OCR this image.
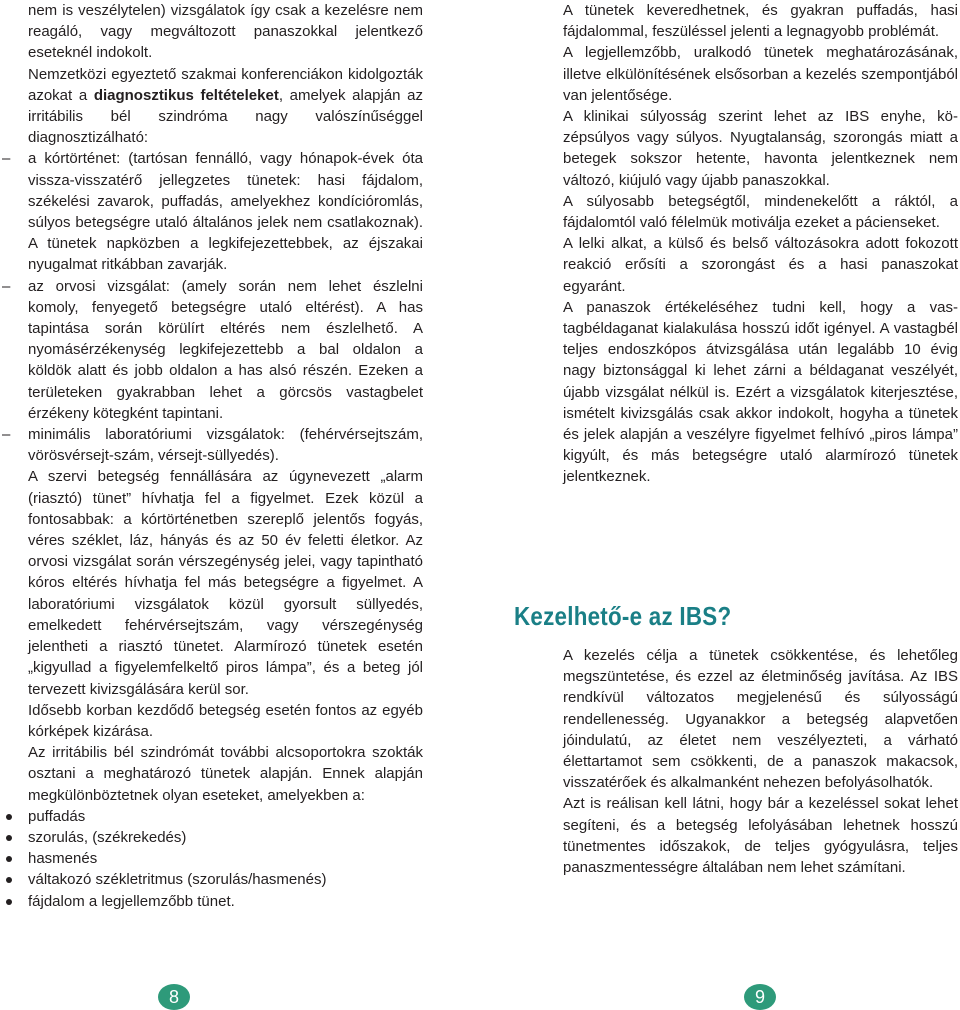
nem is veszélytelen) vizsgálatok így csak a kezelésre nem reagáló, vagy megváltozott panaszokkal jelentkező eseteknél indokolt.

Nemzetközi egyeztető szakmai konferenciákon kidolgozták azokat a diagnosztikus feltételeket, amelyek alapján az irritábilis bél szindróma nagy valószínűséggel diagnosztizálható:

– a kórtörténet: (tartósan fennálló, vagy hónapok-évek óta vissza-visszatérő jellegzetes tünetek: hasi fájdalom, székelési zavarok, puffadás, amelyekhez kondícióromlás, súlyos betegségre utaló általános jelek nem csatlakoznak). A tünetek napközben a legkifejezettebbek, az éjszakai nyugalmat ritkábban zavarják.

– az orvosi vizsgálat: (amely során nem lehet észlelni komoly, fenyegető betegségre utaló eltérést). A has tapintása során körülírt eltérés nem észlelhető. A nyomásérzékenység legkifejezettebb a bal oldalon a köldök alatt és jobb oldalon a has alsó részén. Ezeken a területeken gyakrabban lehet a görcsös vastagbelet érzékeny kötegként tapintani.

– minimális laboratóriumi vizsgálatok: (fehérvérsejtszám, vörösvérsejt-szám, vérsejt-süllyedés).

A szervi betegség fennállására az úgynevezett „alarm (riasztó) tünet” hívhatja fel a figyelmet. Ezek közül a fontosabbak: a kórtörténetben szereplő jelentős fogyás, véres széklet, láz, hányás és az 50 év feletti életkor. Az orvosi vizsgálat során vérszegénység jelei, vagy tapintható kóros eltérés hívhatja fel más betegségre a figyelmet. A laboratóriumi vizsgálatok közül gyorsult süllyedés, emelkedett fehérvérsejtszám, vagy vérszegénység jelentheti a riasztó tünetet. Alarmírozó tünetek esetén „kigyullad a figyelemfelkeltő piros lámpa”, és a beteg jól tervezett kivizsgálására kerül sor.

Idősebb korban kezdődő betegség esetén fontos az egyéb kórképek kizárása.

Az irritábilis bél szindrómát további alcsoportokra szokták osztani a meghatározó tünetek alapján. Ennek alapján megkülönböztetnek olyan eseteket, amelyekben a:

puffadás
szorulás, (székrekedés)
hasmenés
váltakozó székletritmus (szorulás/hasmenés)
fájdalom a legjellemzőbb tünet.

A tünetek keveredhetnek, és gyakran puffadás, hasi fájdalommal, feszüléssel jelenti a legnagyobb problémát.

A legjellemzőbb, uralkodó tünetek meghatározásának, illetve elkülönítésének elsősorban a kezelés szempontjából van jelentősége.

A klinikai súlyosság szerint lehet az IBS enyhe, középsúlyos vagy súlyos. Nyugtalanság, szorongás miatt a betegek sokszor hetente, havonta jelentkeznek nem változó, kiújuló vagy újabb panaszokkal.

A súlyosabb betegségtől, mindenekelőtt a ráktól, a fájdalomtól való félelmük motiválja ezeket a pácienseket.

A lelki alkat, a külső és belső változásokra adott fokozott reakció erősíti a szorongást és a hasi panaszokat egyaránt.

A panaszok értékeléséhez tudni kell, hogy a vastagbéldaganat kialakulása hosszú időt igényel. A vastagbél teljes endoszkópos átvizsgálása után legalább 10 évig nagy biztonsággal ki lehet zárni a béldaganat veszélyét, újabb vizsgálat nélkül is. Ezért a vizsgálatok kiterjesztése, ismételt kivizsgálás csak akkor indokolt, hogyha a tünetek és jelek alapján a veszélyre figyelmet felhívó „piros lámpa” kigyúlt, és más betegségre utaló alarmírozó tünetek jelentkeznek.

Kezelhető-e az IBS?

A kezelés célja a tünetek csökkentése, és lehetőleg megszüntetése, és ezzel az életminőség javítása. Az IBS rendkívül változatos megjelenésű és súlyosságú rendellenesség. Ugyanakkor a betegség alapvetően jóindulatú, az életet nem veszélyezteti, a várható élettartamot sem csökkenti, de a panaszok makacsok, visszatérőek és alkalmanként nehezen befolyásolhatók.

Azt is reálisan kell látni, hogy bár a kezeléssel sokat lehet segíteni, és a betegség lefolyásában lehetnek hosszú tünetmentes időszakok, de teljes gyógyulásra, teljes panaszmentességre általában nem lehet számítani.

8	9
